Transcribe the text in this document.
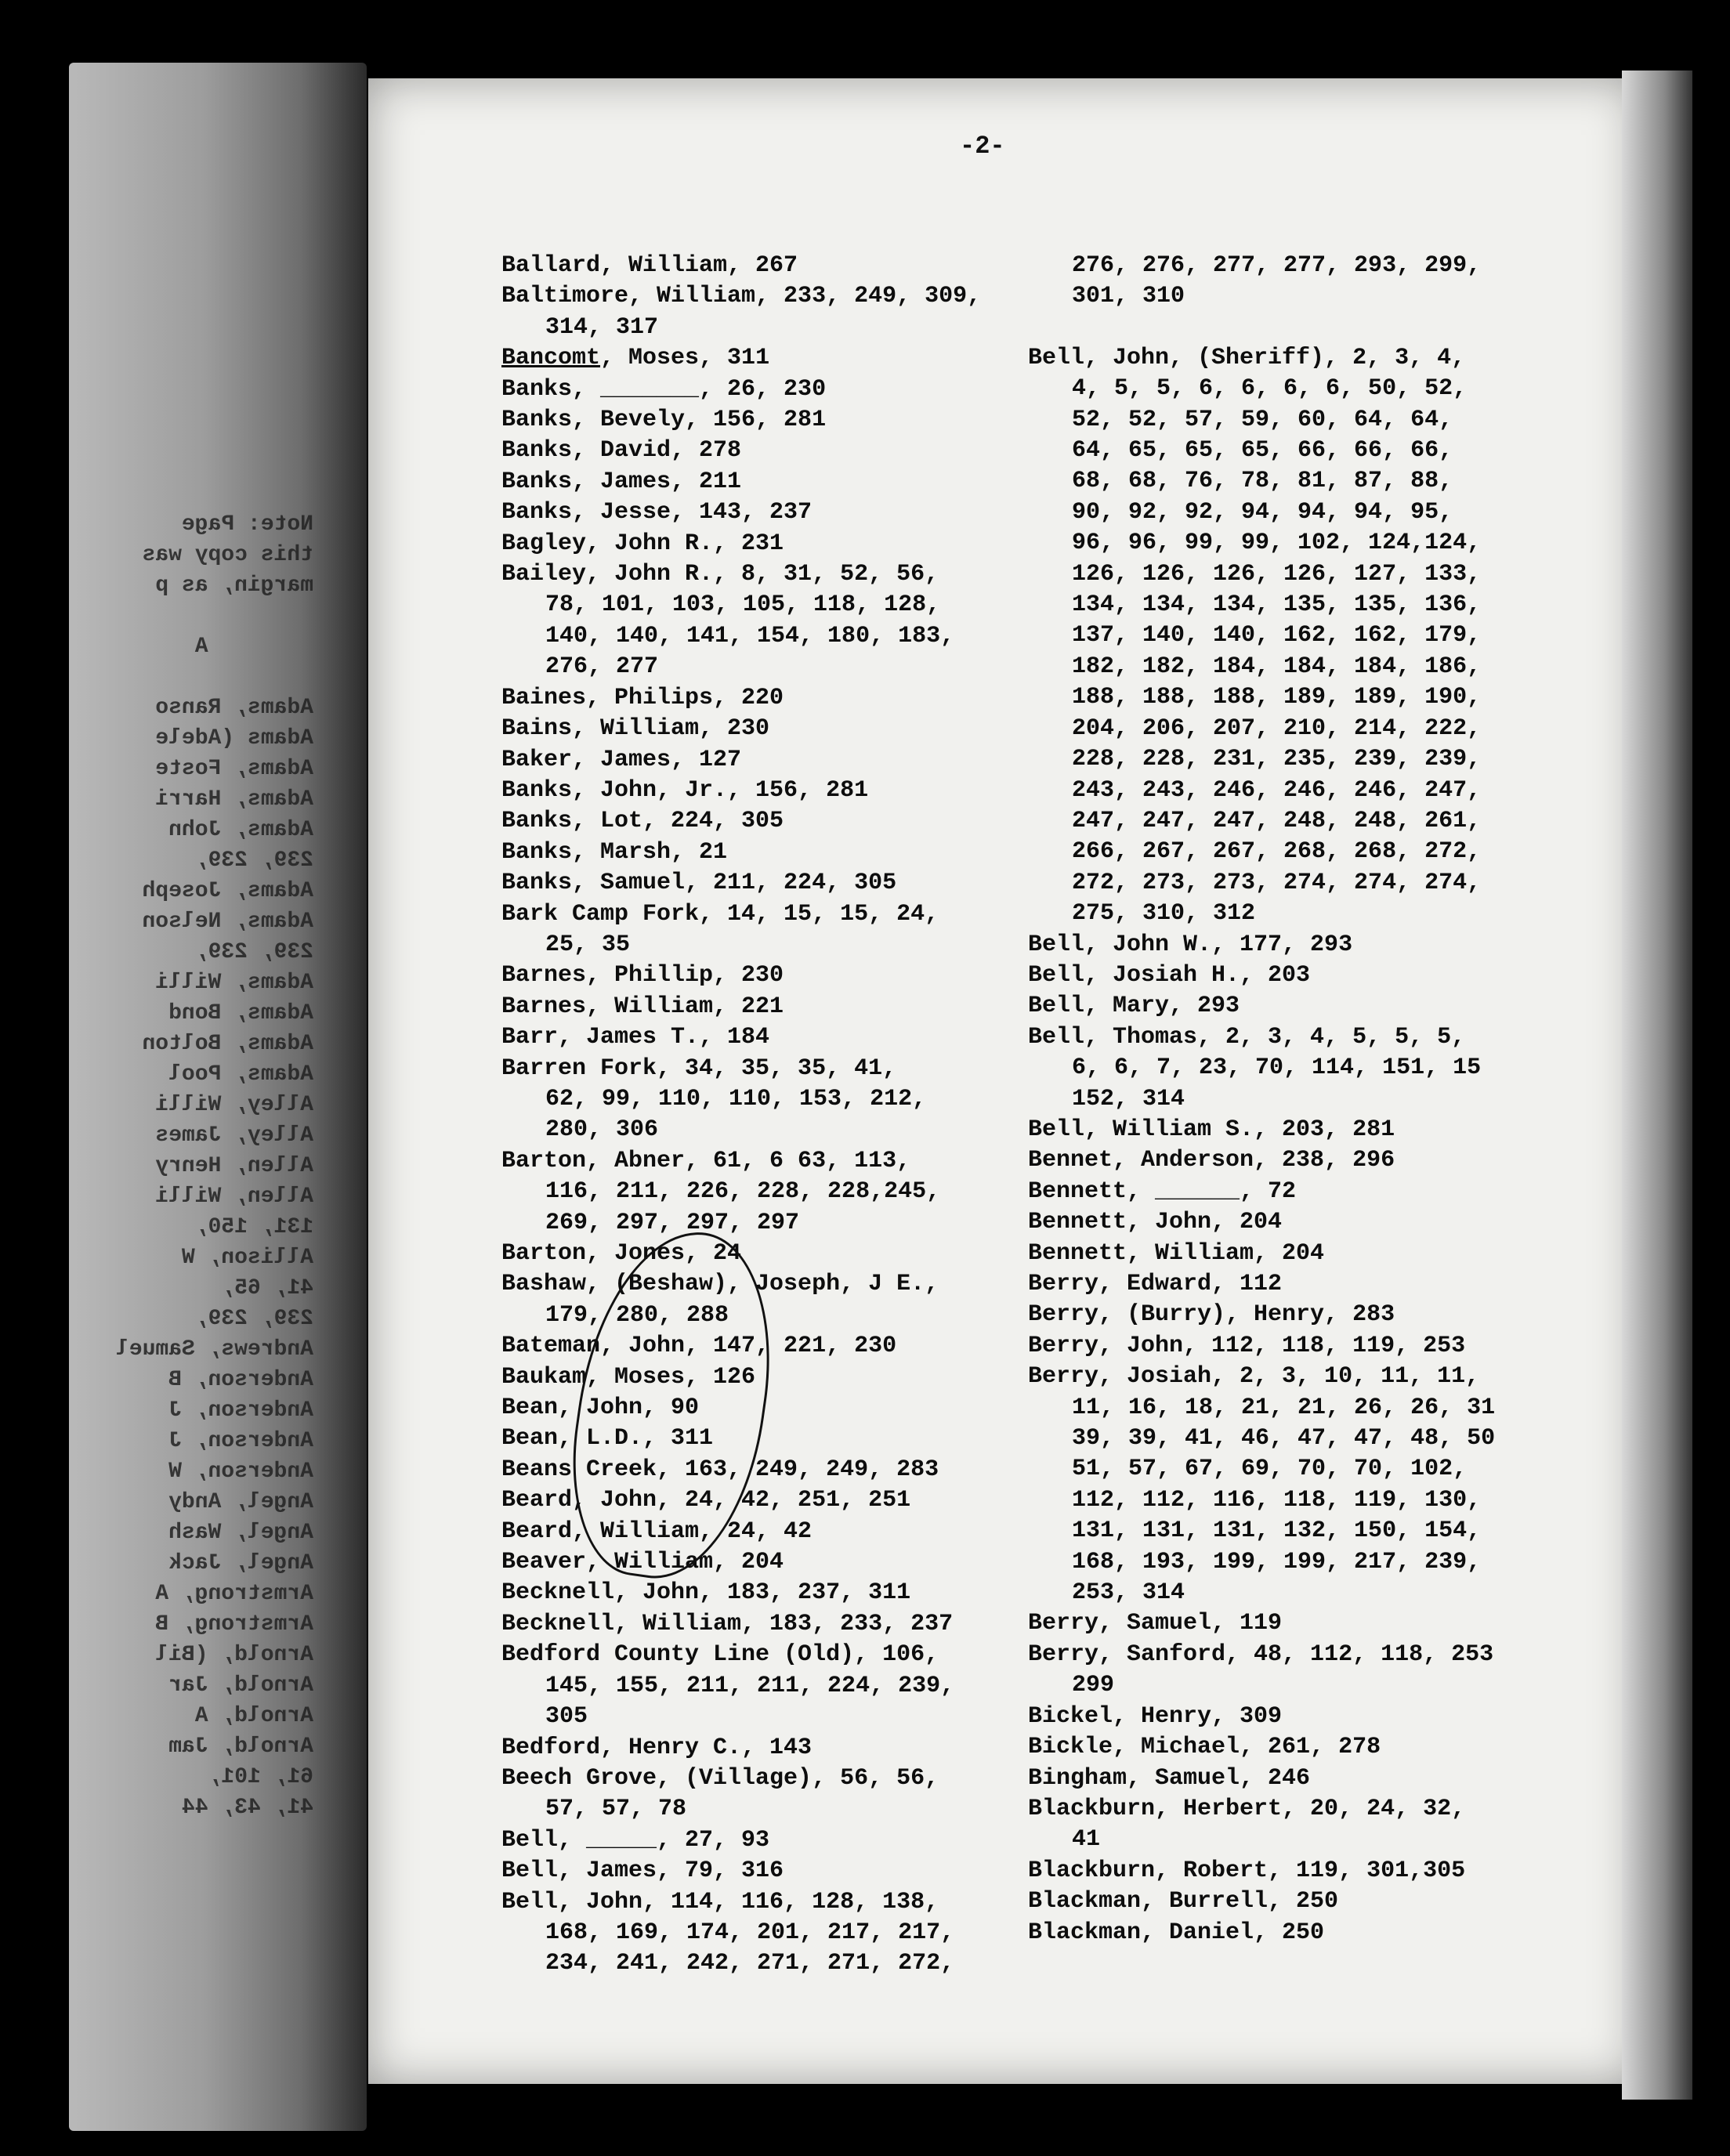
Note: Page
this copy was
margin, as p

A

Adams, Ranso
Adams (Adele
Adams, Foste
Adams, Harri
Adams, John
239, 239,
Adams, Joseph
Adams, Nelson
239, 239,
Adams, Willi
Adams, Bond
Adams, Bolton
Adams, Pool
Alley, Willi
Alley, James
Allen, Henry
Allen, Willi
131, 150,
Allison, W
41, 65,
239, 239,
Andrews, Samuel
Anderson, B
Anderson, J
Anderson, J
Anderson, W
Angel, Andy
Angel, Wash
Angel, Jack
Armstrong, A
Armstrong, B
Arnold, (Bil
Arnold, Jar
Arnold, A
Arnold, Jam
61, 101,
41, 43, 44
-2-
Ballard, William, 267
Baltimore, William, 233, 249, 309,
314, 317
Bancomt, Moses, 311
Banks, _______, 26, 230
Banks, Bevely, 156, 281
Banks, David, 278
Banks, James, 211
Banks, Jesse, 143, 237
Bagley, John R., 231
Bailey, John R., 8, 31, 52, 56,
78, 101, 103, 105, 118, 128,
140, 140, 141, 154, 180, 183,
276, 277
Baines, Philips, 220
Bains, William, 230
Baker, James, 127
Banks, John, Jr., 156, 281
Banks, Lot, 224, 305
Banks, Marsh, 21
Banks, Samuel, 211, 224, 305
Bark Camp Fork, 14, 15, 15, 24,
25, 35
Barnes, Phillip, 230
Barnes, William, 221
Barr, James T., 184
Barren Fork, 34, 35, 35, 41,
62, 99, 110, 110, 153, 212,
280, 306
Barton, Abner, 61, 6 63, 113,
116, 211, 226, 228, 228,245,
269, 297, 297, 297
Barton, Jones, 24
Bashaw, (Beshaw), Joseph, J E.,
179, 280, 288
Bateman, John, 147, 221, 230
Baukam, Moses, 126
Bean, John, 90
Bean, L.D., 311
Beans Creek, 163, 249, 249, 283
Beard, John, 24, 42, 251, 251
Beard, William, 24, 42
Beaver, William, 204
Becknell, John, 183, 237, 311
Becknell, William, 183, 233, 237
Bedford County Line (Old), 106,
145, 155, 211, 211, 224, 239,
305
Bedford, Henry C., 143
Beech Grove, (Village), 56, 56,
57, 57, 78
Bell, _____, 27, 93
Bell, James, 79, 316
Bell, John, 114, 116, 128, 138,
168, 169, 174, 201, 217, 217,
234, 241, 242, 271, 271, 272,
276, 276, 277, 277, 293, 299,
301, 310
Bell, John, (Sheriff), 2, 3, 4,
4, 5, 5, 6, 6, 6, 6, 50, 52,
52, 52, 57, 59, 60, 64, 64,
64, 65, 65, 65, 66, 66, 66,
68, 68, 76, 78, 81, 87, 88,
90, 92, 92, 94, 94, 94, 95,
96, 96, 99, 99, 102, 124,124,
126, 126, 126, 126, 127, 133,
134, 134, 134, 135, 135, 136,
137, 140, 140, 162, 162, 179,
182, 182, 184, 184, 184, 186,
188, 188, 188, 189, 189, 190,
204, 206, 207, 210, 214, 222,
228, 228, 231, 235, 239, 239,
243, 243, 246, 246, 246, 247,
247, 247, 247, 248, 248, 261,
266, 267, 267, 268, 268, 272,
272, 273, 273, 274, 274, 274,
275, 310, 312
Bell, John W., 177, 293
Bell, Josiah H., 203
Bell, Mary, 293
Bell, Thomas, 2, 3, 4, 5, 5, 5,
6, 6, 7, 23, 70, 114, 151, 15
152, 314
Bell, William S., 203, 281
Bennet, Anderson, 238, 296
Bennett, ______, 72
Bennett, John, 204
Bennett, William, 204
Berry, Edward, 112
Berry, (Burry), Henry, 283
Berry, John, 112, 118, 119, 253
Berry, Josiah, 2, 3, 10, 11, 11,
11, 16, 18, 21, 21, 26, 26, 31
39, 39, 41, 46, 47, 47, 48, 50
51, 57, 67, 69, 70, 70, 102,
112, 112, 116, 118, 119, 130,
131, 131, 131, 132, 150, 154,
168, 193, 199, 199, 217, 239,
253, 314
Berry, Samuel, 119
Berry, Sanford, 48, 112, 118, 253
299
Bickel, Henry, 309
Bickle, Michael, 261, 278
Bingham, Samuel, 246
Blackburn, Herbert, 20, 24, 32,
41
Blackburn, Robert, 119, 301,305
Blackman, Burrell, 250
Blackman, Daniel, 250
